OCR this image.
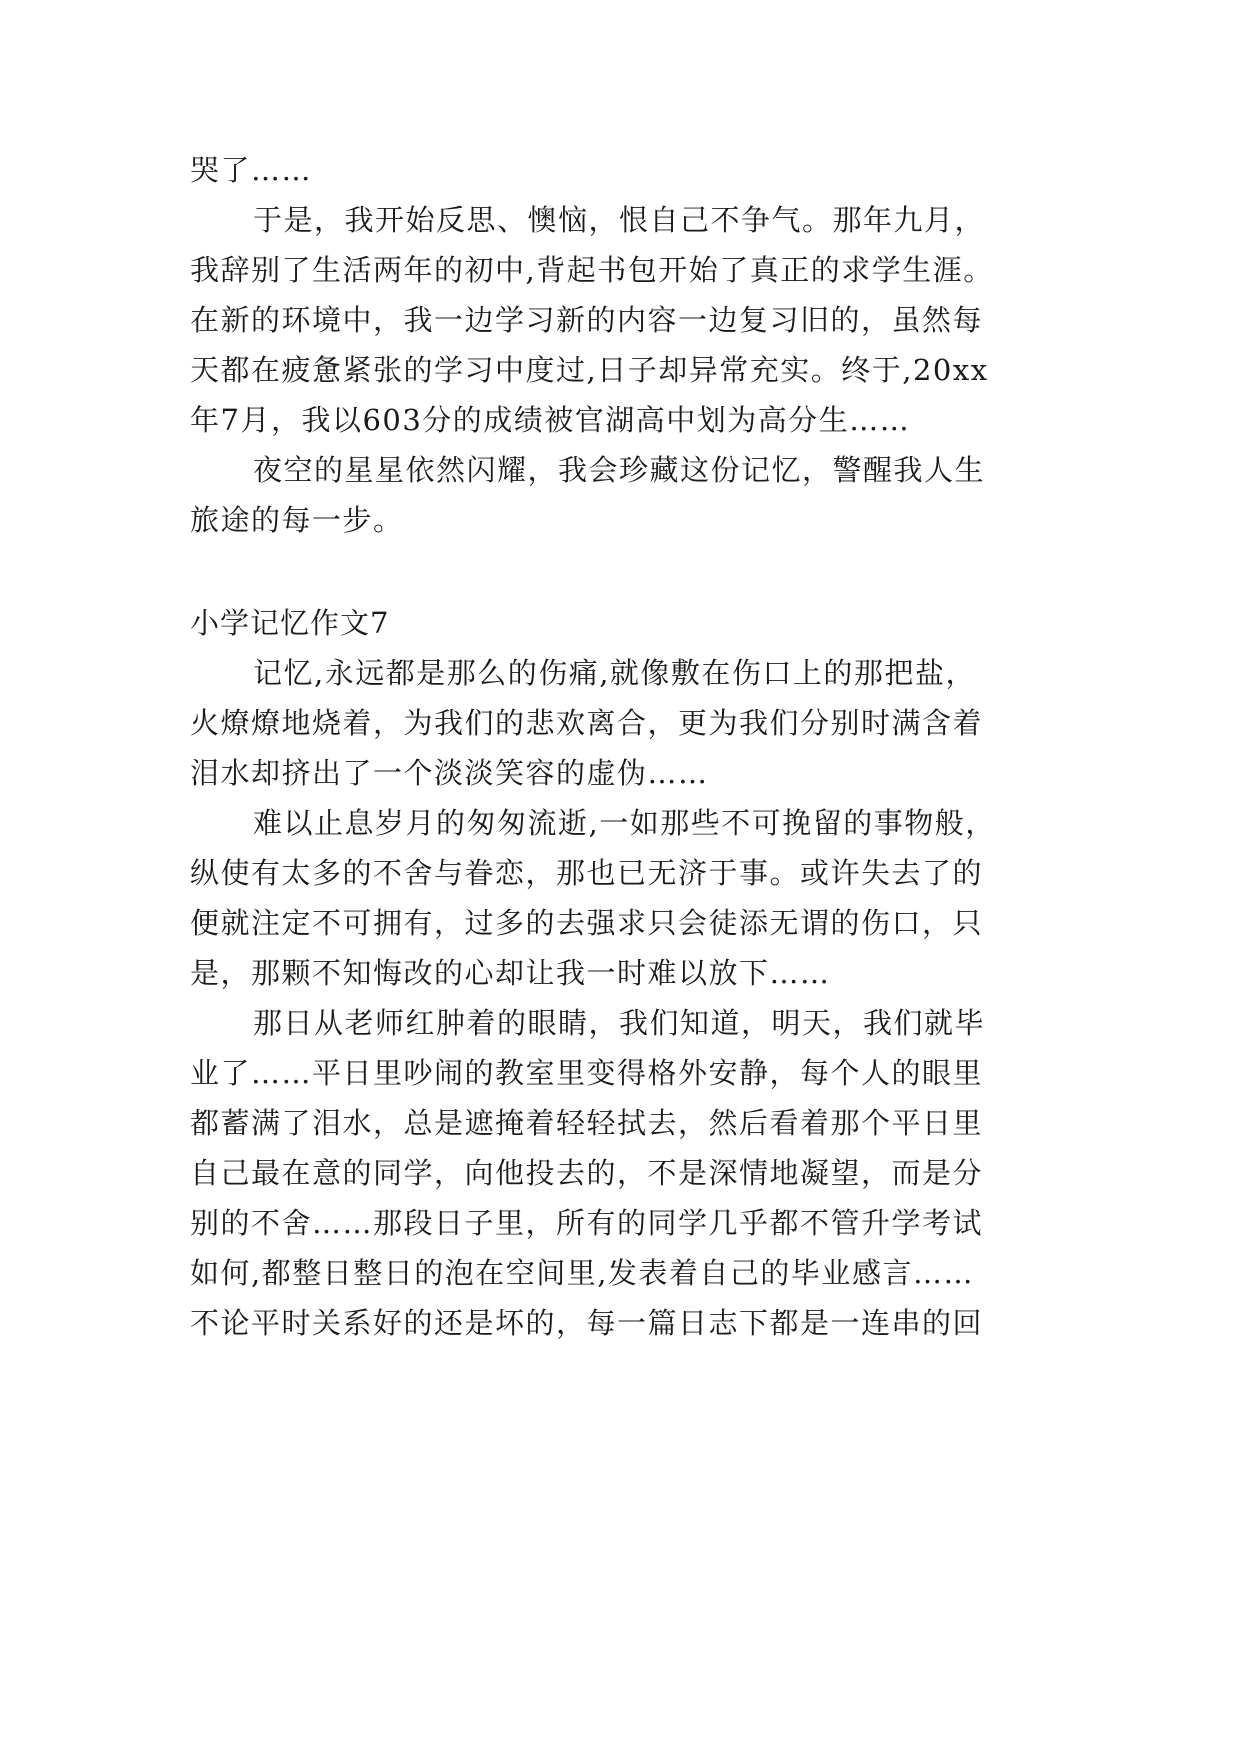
哭了……
于是，我开始反思、懊恼，恨自己不争气。那年九月，
我辞别了生活两年的初中,背起书包开始了真正的求学生涯。
在新的环境中，我一边学习新的内容一边复习旧的，虽然每
天都在疲惫紧张的学习中度过,日子却异常充实。终于,20xx
年7月，我以603分的成绩被官湖高中划为高分生……
夜空的星星依然闪耀，我会珍藏这份记忆，警醒我人生
旅途的每一步。
小学记忆作文7
记忆,永远都是那么的伤痛,就像敷在伤口上的那把盐，
火燎燎地烧着，为我们的悲欢离合，更为我们分别时满含着
泪水却挤出了一个淡淡笑容的虚伪……
难以止息岁月的匆匆流逝,一如那些不可挽留的事物般，
纵使有太多的不舍与眷恋，那也已无济于事。或许失去了的
便就注定不可拥有，过多的去强求只会徒添无谓的伤口，只
是，那颗不知悔改的心却让我一时难以放下……
那日从老师红肿着的眼睛，我们知道，明天，我们就毕
业了……平日里吵闹的教室里变得格外安静，每个人的眼里
都蓄满了泪水，总是遮掩着轻轻拭去，然后看着那个平日里
自己最在意的同学，向他投去的，不是深情地凝望，而是分
别的不舍……那段日子里，所有的同学几乎都不管升学考试
如何,都整日整日的泡在空间里,发表着自己的毕业感言……
不论平时关系好的还是坏的，每一篇日志下都是一连串的回
